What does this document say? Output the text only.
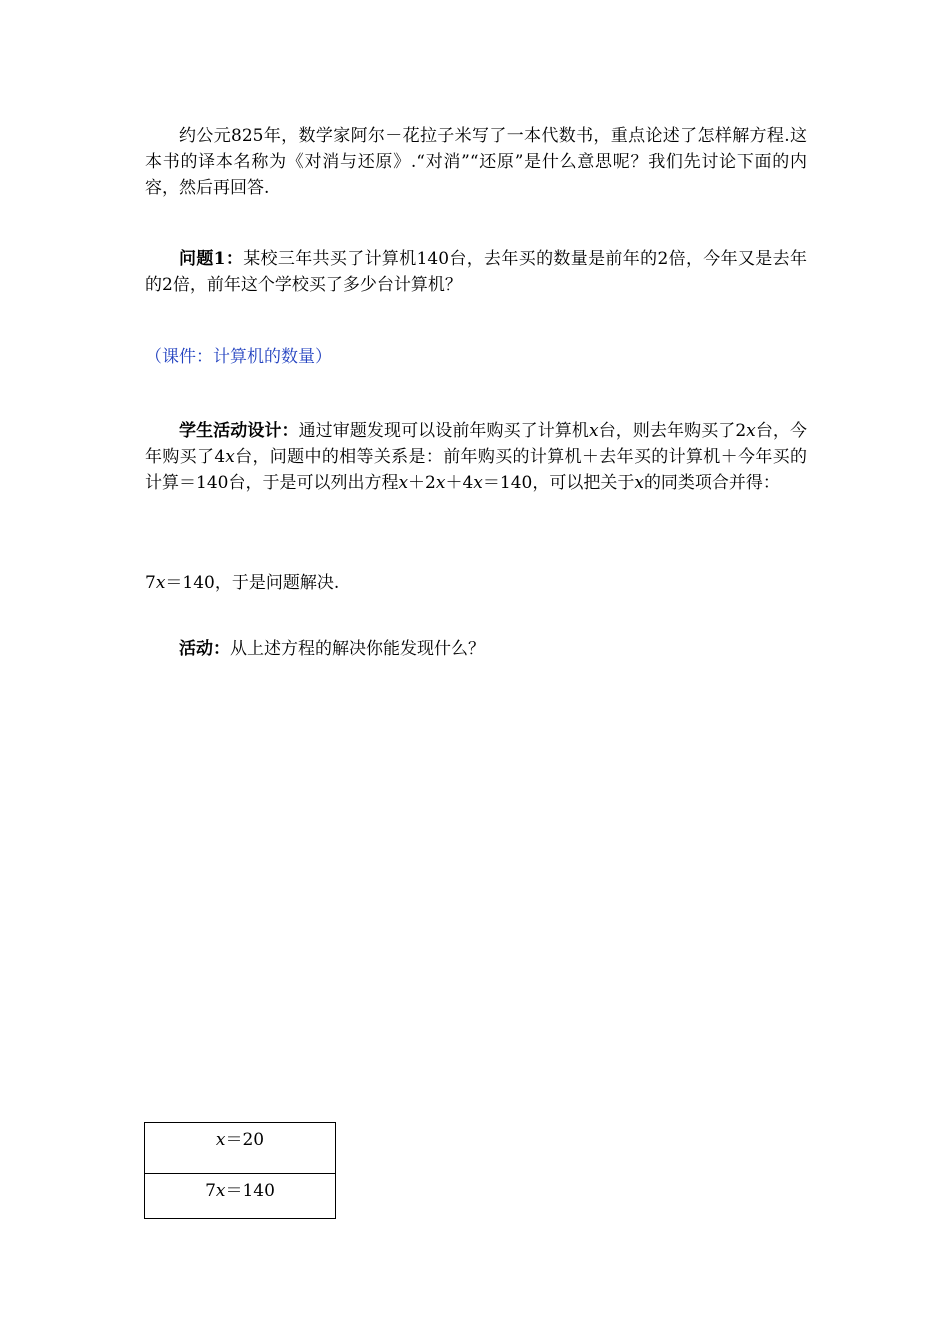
约公元825年，数学家阿尔－花拉子米写了一本代数书，重点论述了怎样解方程.这本书的译本名称为《对消与还原》.“对消”“还原”是什么意思呢？我们先讨论下面的内容，然后再回答.

问题1：某校三年共买了计算机140台，去年买的数量是前年的2倍，今年又是去年的2倍，前年这个学校买了多少台计算机？

（课件：计算机的数量）

学生活动设计：通过审题发现可以设前年购买了计算机x台，则去年购买了2x台，今年购买了4x台，问题中的相等关系是：前年购买的计算机＋去年买的计算机＋今年买的计算＝140台，于是可以列出方程x＋2x＋4x＝140，可以把关于x的同类项合并得：

7x＝140，于是问题解决.

活动：从上述方程的解决你能发现什么？

x＝20
7x＝140
